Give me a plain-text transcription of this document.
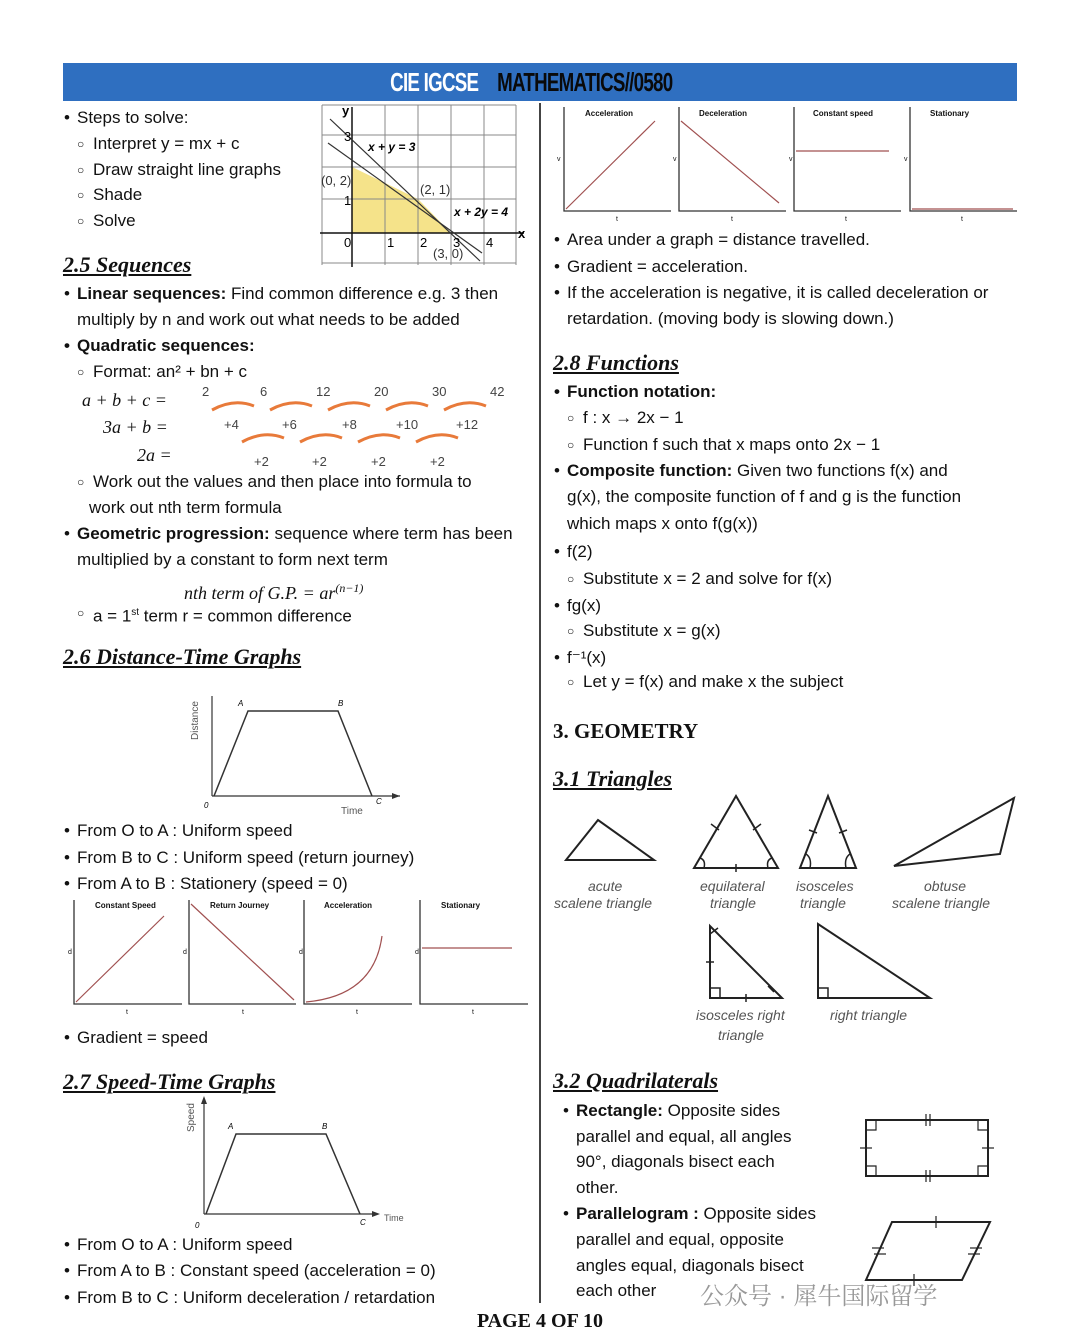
CIE IGCSE MATHEMATICS//0580
• Steps to solve:
○ Interpret y = mx + c
○ Draw straight line graphs
○ Shade
○ Solve
y
x
x + y = 3
x + 2y = 4
(0, 2)
(2, 1)
(3, 0)
0	1 2 3 4
3
1
2.5 Sequences
• Linear sequences: Find common difference e.g. 3 then
multiply by n and work out what needs to be added
• Quadratic sequences:
○ Format: an² + bn + c
a + b + c =
3a + b =
2a =
2	6	12	20	30	42
+4	+6	+8	+10	+12
+2	+2	+2	+2
○ Work out the values and then place into formula to
work out nth term formula
• Geometric progression: sequence where term has been
multiplied by a constant to form next term
nth term of G.P. = $ar^{(n-1)}$
○ a = 1st term r = common difference
2.6 Distance-Time Graphs
Distance
Time
0
A	B
C
• From O to A : Uniform speed
• From B to C : Uniform speed (return journey)
• From A to B : Stationery (speed = 0)
Constant Speed	Return Journey	Acceleration	Stationary
d	d	d	d
t	t	t	t
• Gradient = speed
2.7 Speed-Time Graphs
Speed
Time
0
A	B
C
• From O to A : Uniform speed
• From A to B : Constant speed (acceleration = 0)
• From B to C : Uniform deceleration / retardation
Acceleration	Deceleration	Constant speed	Stationary
v	v	v	v
t	t	t	t
• Area under a graph = distance travelled.
• Gradient = acceleration.
• If the acceleration is negative, it is called deceleration or
retardation. (moving body is slowing down.)
2.8 Functions
• Function notation:
○ f : x → 2x − 1
○ Function f such that x maps onto 2x − 1
• Composite function: Given two functions f(x) and
g(x), the composite function of f and g is the function
which maps x onto f(g(x))
• f(2)
○ Substitute x = 2 and solve for f(x)
• fg(x)
○ Substitute x = g(x)
• f⁻¹(x)
○ Let y = f(x) and make x the subject
3. GEOMETRY
3.1 Triangles
acute
scalene triangle
equilateral
triangle
isosceles
triangle
obtuse
scalene triangle
isosceles right
triangle
right triangle
3.2 Quadrilaterals
• Rectangle: Opposite sides
parallel and equal, all angles
90°, diagonals bisect each
other.
• Parallelogram : Opposite sides
parallel and equal, opposite
angles equal, diagonals bisect
each other
PAGE 4 OF 10
公众号 · 犀牛国际留学
